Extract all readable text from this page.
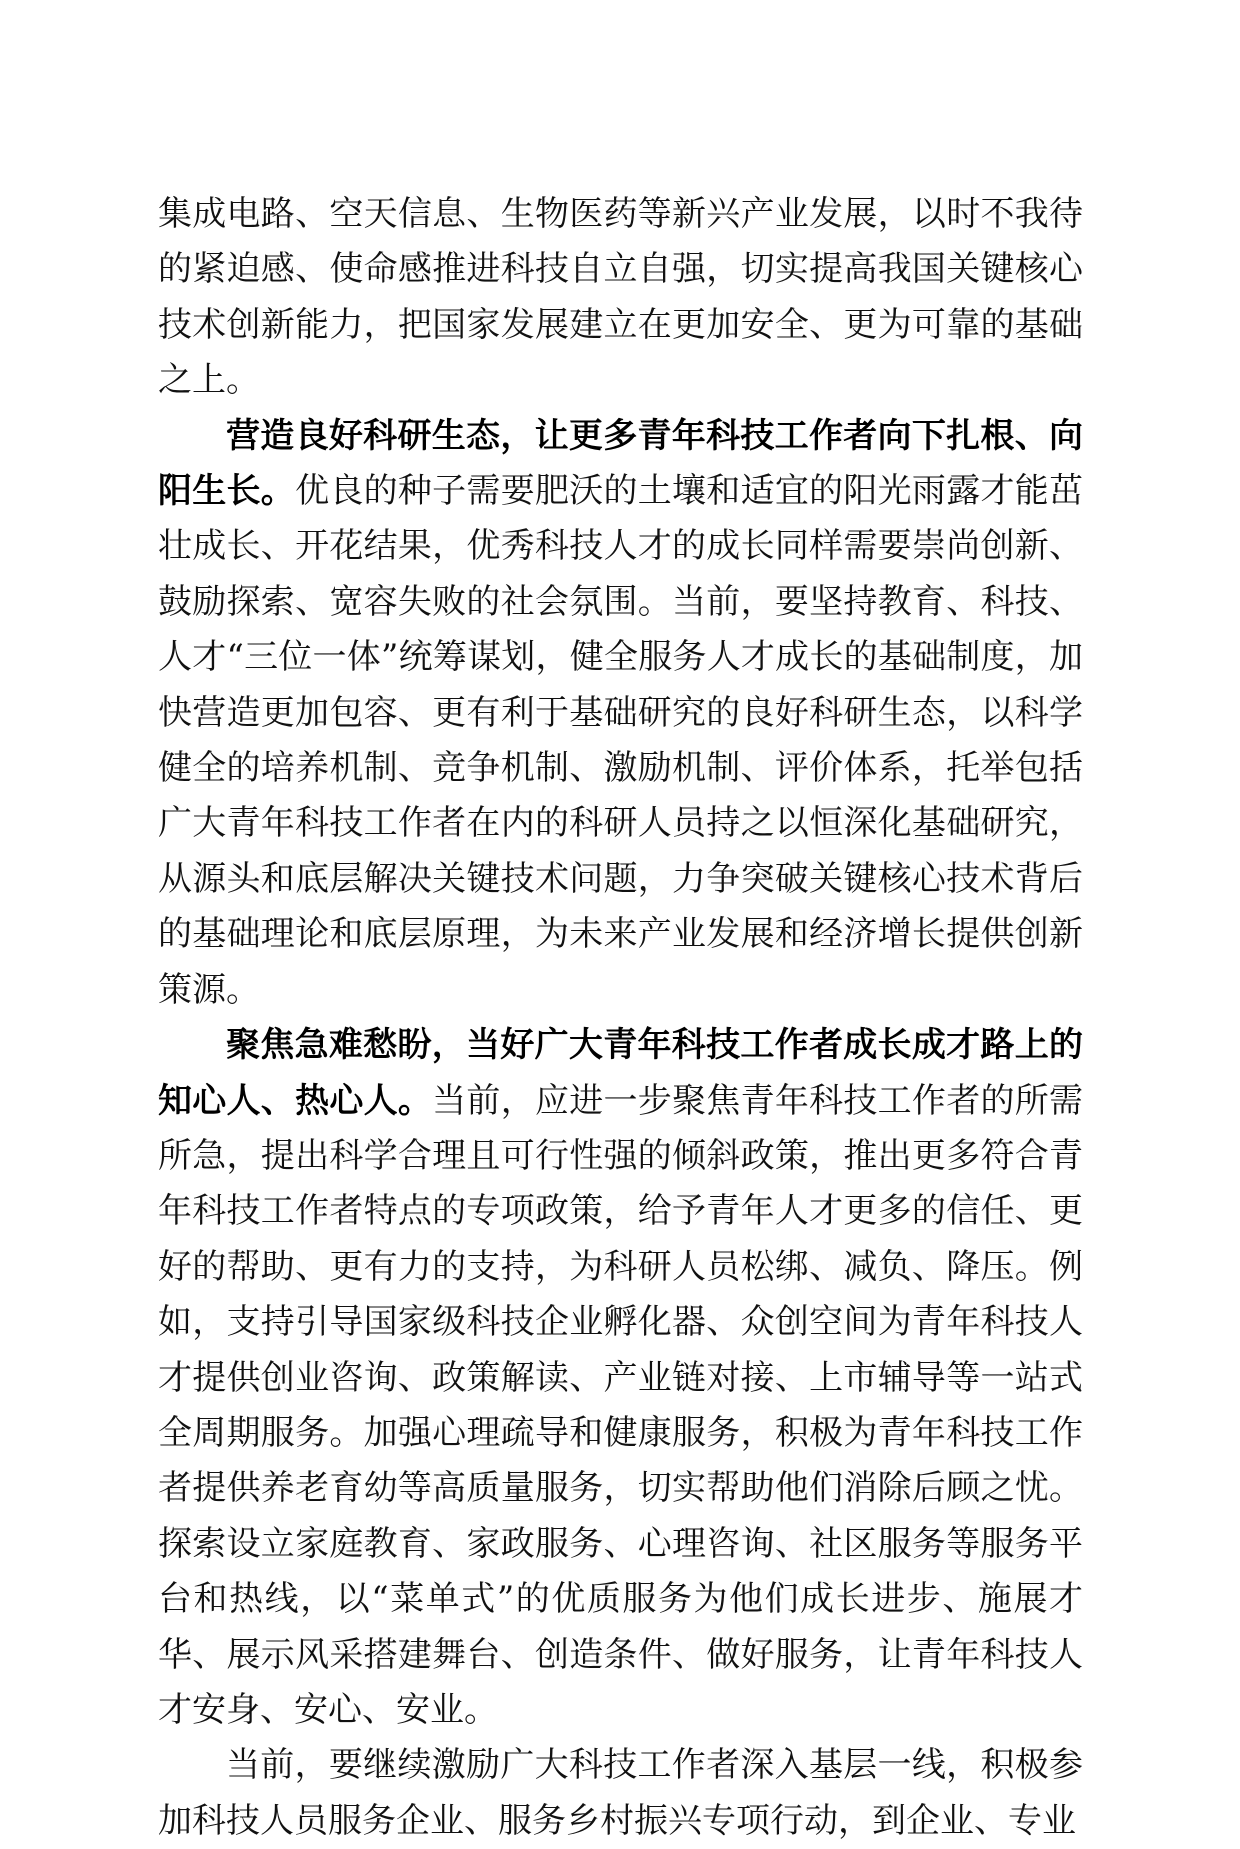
集成电路、空天信息、生物医药等新兴产业发展，以时不我待的紧迫感、使命感推进科技自立自强，切实提高我国关键核心技术创新能力，把国家发展建立在更加安全、更为可靠的基础之上。

营造良好科研生态，让更多青年科技工作者向下扎根、向阳生长。优良的种子需要肥沃的土壤和适宜的阳光雨露才能茁壮成长、开花结果，优秀科技人才的成长同样需要崇尚创新、鼓励探索、宽容失败的社会氛围。当前，要坚持教育、科技、人才“三位一体”统筹谋划，健全服务人才成长的基础制度，加快营造更加包容、更有利于基础研究的良好科研生态，以科学健全的培养机制、竞争机制、激励机制、评价体系，托举包括广大青年科技工作者在内的科研人员持之以恒深化基础研究，从源头和底层解决关键技术问题，力争突破关键核心技术背后的基础理论和底层原理，为未来产业发展和经济增长提供创新策源。

聚焦急难愁盼，当好广大青年科技工作者成长成才路上的知心人、热心人。当前，应进一步聚焦青年科技工作者的所需所急，提出科学合理且可行性强的倾斜政策，推出更多符合青年科技工作者特点的专项政策，给予青年人才更多的信任、更好的帮助、更有力的支持，为科研人员松绑、减负、降压。例如，支持引导国家级科技企业孵化器、众创空间为青年科技人才提供创业咨询、政策解读、产业链对接、上市辅导等一站式全周期服务。加强心理疏导和健康服务，积极为青年科技工作者提供养老育幼等高质量服务，切实帮助他们消除后顾之忧。探索设立家庭教育、家政服务、心理咨询、社区服务等服务平台和热线，以“菜单式”的优质服务为他们成长进步、施展才华、展示风采搭建舞台、创造条件、做好服务，让青年科技人才安身、安心、安业。

当前，要继续激励广大科技工作者深入基层一线，积极参加科技人员服务企业、服务乡村振兴专项行动，到企业、专业
